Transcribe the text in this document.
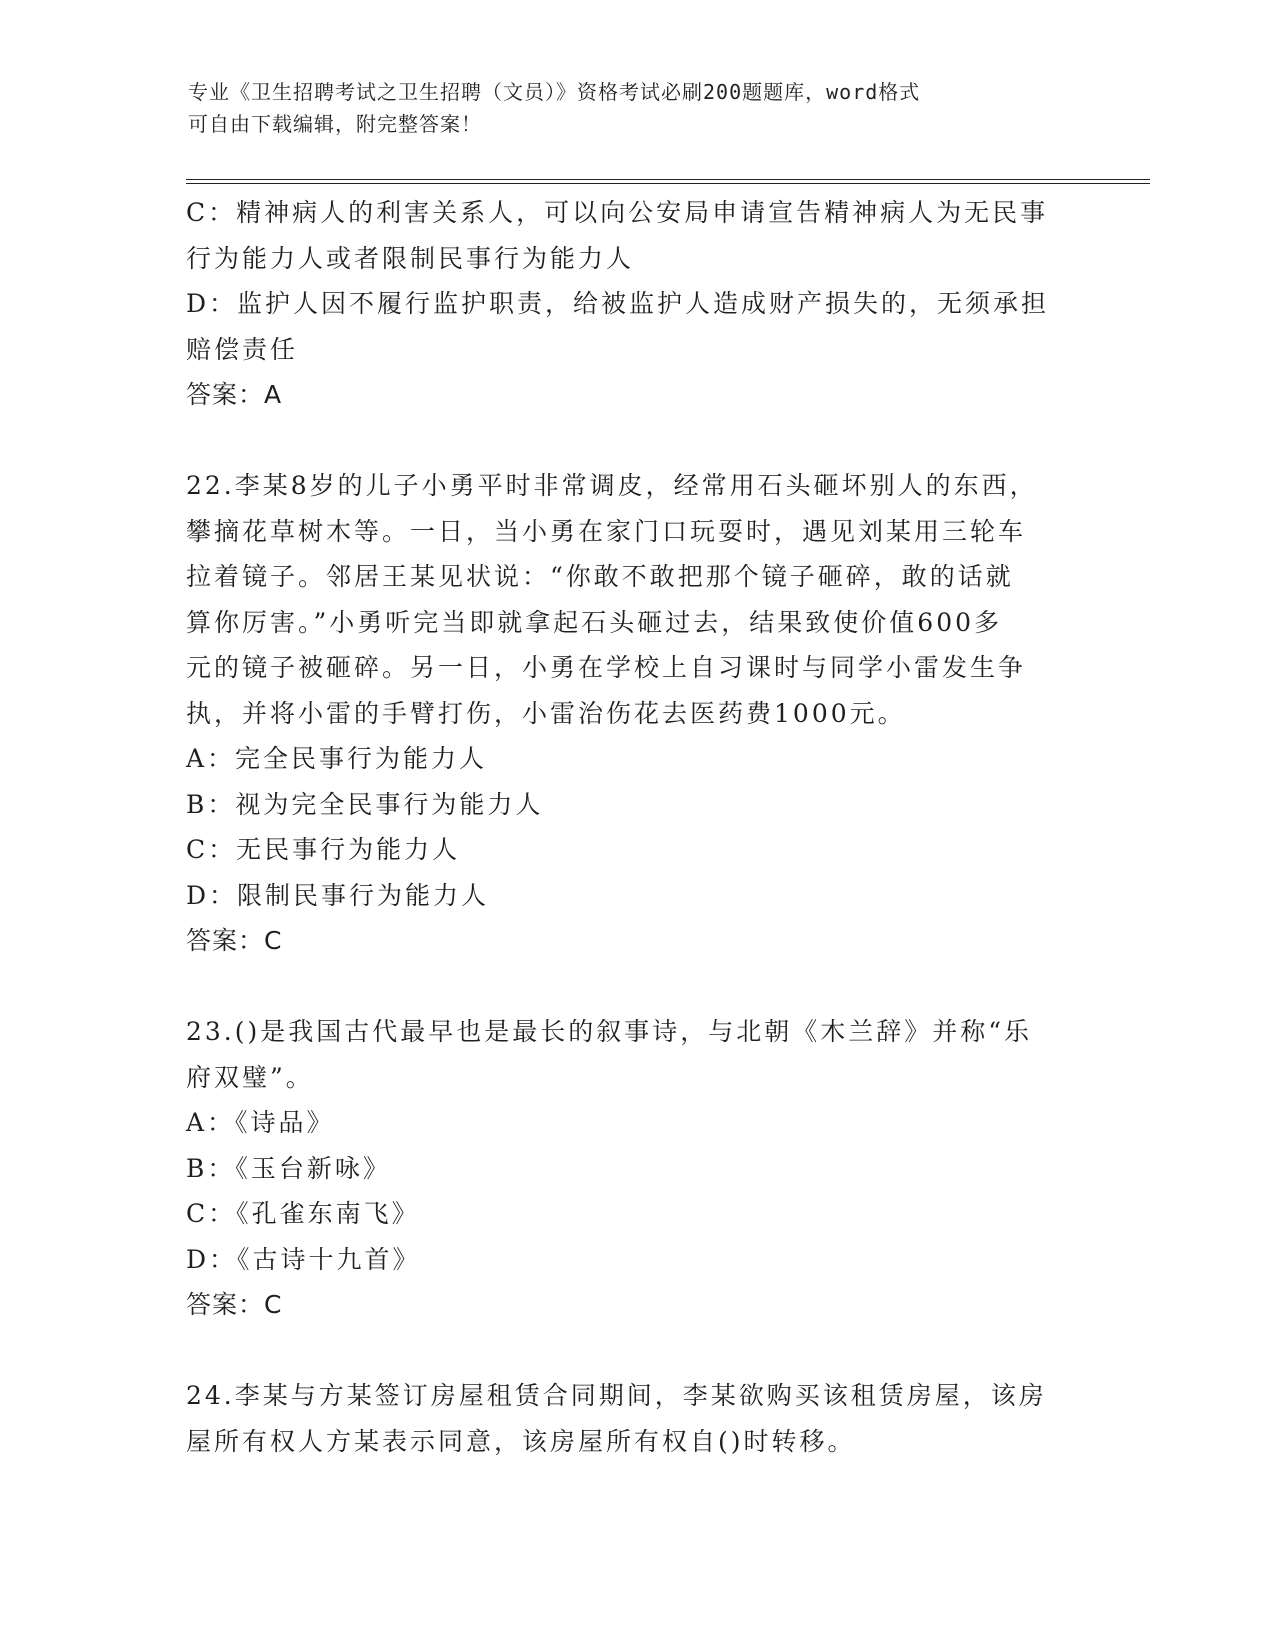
专业《卫生招聘考试之卫生招聘（文员）》资格考试必刷200题题库，word格式
可自由下载编辑，附完整答案！

C：精神病人的利害关系人，可以向公安局申请宣告精神病人为无民事

行为能力人或者限制民事行为能力人

D：监护人因不履行监护职责，给被监护人造成财产损失的，无须承担

赔偿责任

答案：A

22.李某8岁的儿子小勇平时非常调皮，经常用石头砸坏别人的东西，

攀摘花草树木等。一日，当小勇在家门口玩耍时，遇见刘某用三轮车

拉着镜子。邻居王某见状说：“你敢不敢把那个镜子砸碎，敢的话就

算你厉害。”小勇听完当即就拿起石头砸过去，结果致使价值600多

元的镜子被砸碎。另一日，小勇在学校上自习课时与同学小雷发生争

执，并将小雷的手臂打伤，小雷治伤花去医药费1000元。

A：完全民事行为能力人

B：视为完全民事行为能力人

C：无民事行为能力人

D：限制民事行为能力人

答案：C

23.()是我国古代最早也是最长的叙事诗，与北朝《木兰辞》并称“乐

府双璧”。

A：《诗品》

B：《玉台新咏》

C：《孔雀东南飞》

D：《古诗十九首》

答案：C

24.李某与方某签订房屋租赁合同期间，李某欲购买该租赁房屋，该房

屋所有权人方某表示同意，该房屋所有权自()时转移。
